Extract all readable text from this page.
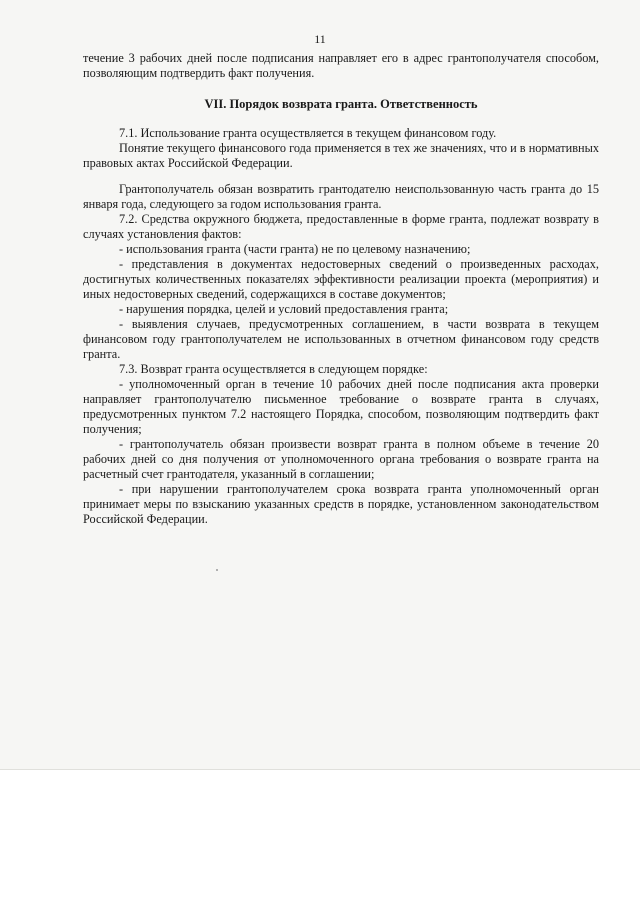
11

течение 3 рабочих дней после подписания направляет его в адрес грантополучателя способом, позволяющим подтвердить факт получения.

VII. Порядок возврата гранта. Ответственность

7.1. Использование гранта осуществляется в текущем финансовом году.

Понятие текущего финансового года применяется в тех же значениях, что и в нормативных правовых актах Российской Федерации.

Грантополучатель обязан возвратить грантодателю неиспользованную часть гранта до 15 января года, следующего за годом использования гранта.

7.2. Средства окружного бюджета, предоставленные в форме гранта, подлежат возврату в случаях установления фактов:

- использования гранта (части гранта) не по целевому назначению;

- представления в документах недостоверных сведений о произведенных расходах, достигнутых количественных показателях эффективности реализации проекта (мероприятия) и иных недостоверных сведений, содержащихся в составе документов;

- нарушения порядка, целей и условий предоставления гранта;

- выявления случаев, предусмотренных соглашением, в части возврата в текущем финансовом году грантополучателем не использованных в отчетном финансовом году средств гранта.

7.3. Возврат гранта осуществляется в следующем порядке:

- уполномоченный орган в течение 10 рабочих дней после подписания акта проверки направляет грантополучателю письменное требование о возврате гранта в случаях, предусмотренных пунктом 7.2 настоящего Порядка, способом, позволяющим подтвердить факт получения;

- грантополучатель обязан произвести возврат гранта в полном объеме в течение 20 рабочих дней со дня получения от уполномоченного органа требования о возврате гранта на расчетный счет грантодателя, указанный в соглашении;

- при нарушении грантополучателем срока возврата гранта уполномоченный орган принимает меры по взысканию указанных средств в порядке, установленном законодательством Российской Федерации.
